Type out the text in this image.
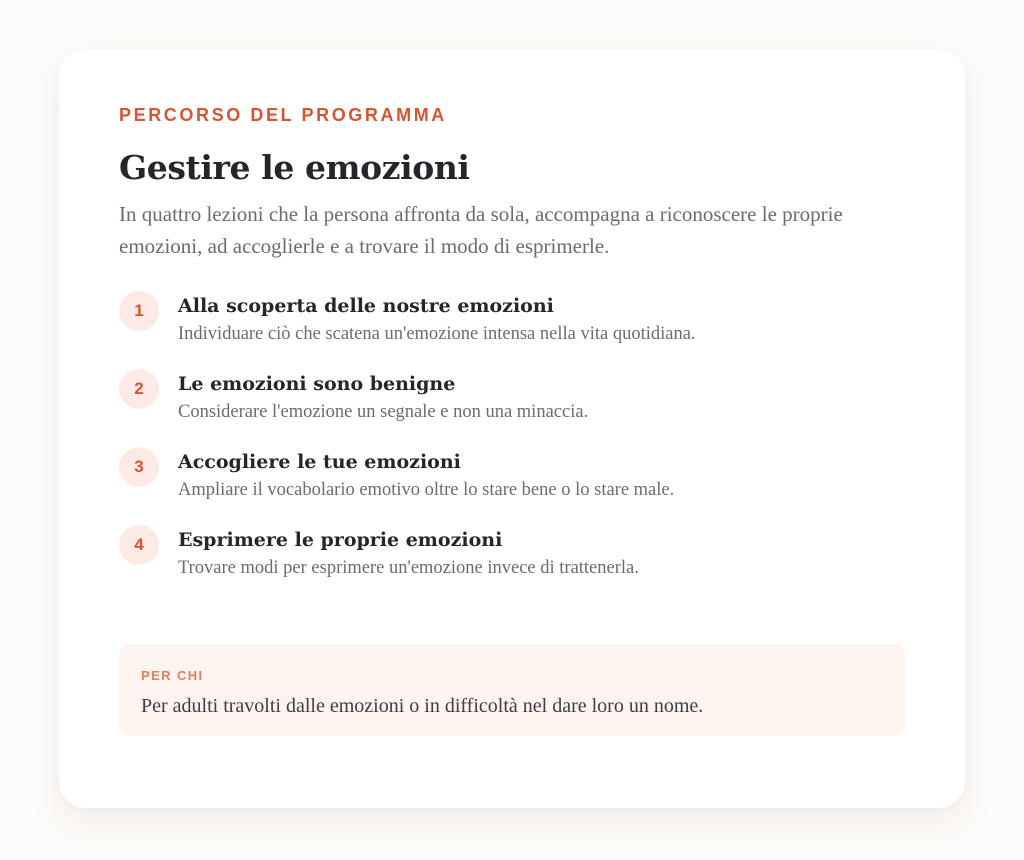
PERCORSO DEL PROGRAMMA

Gestire le emozioni

In quattro lezioni che la persona affronta da sola, accompagna a riconoscere le proprie emozioni, ad accoglierle e a trovare il modo di esprimerle.

1	Alla scoperta delle nostre emozioni

Individuare ciò che scatena un'emozione intensa nella vita quotidiana.

2	Le emozioni sono benigne

Considerare l'emozione un segnale e non una minaccia.

3	Accogliere le tue emozioni

Ampliare il vocabolario emotivo oltre lo stare bene o lo stare male.

4	Esprimere le proprie emozioni

Trovare modi per esprimere un'emozione invece di trattenerla.

PER CHI

Per adulti travolti dalle emozioni o in difficoltà nel dare loro un nome.
